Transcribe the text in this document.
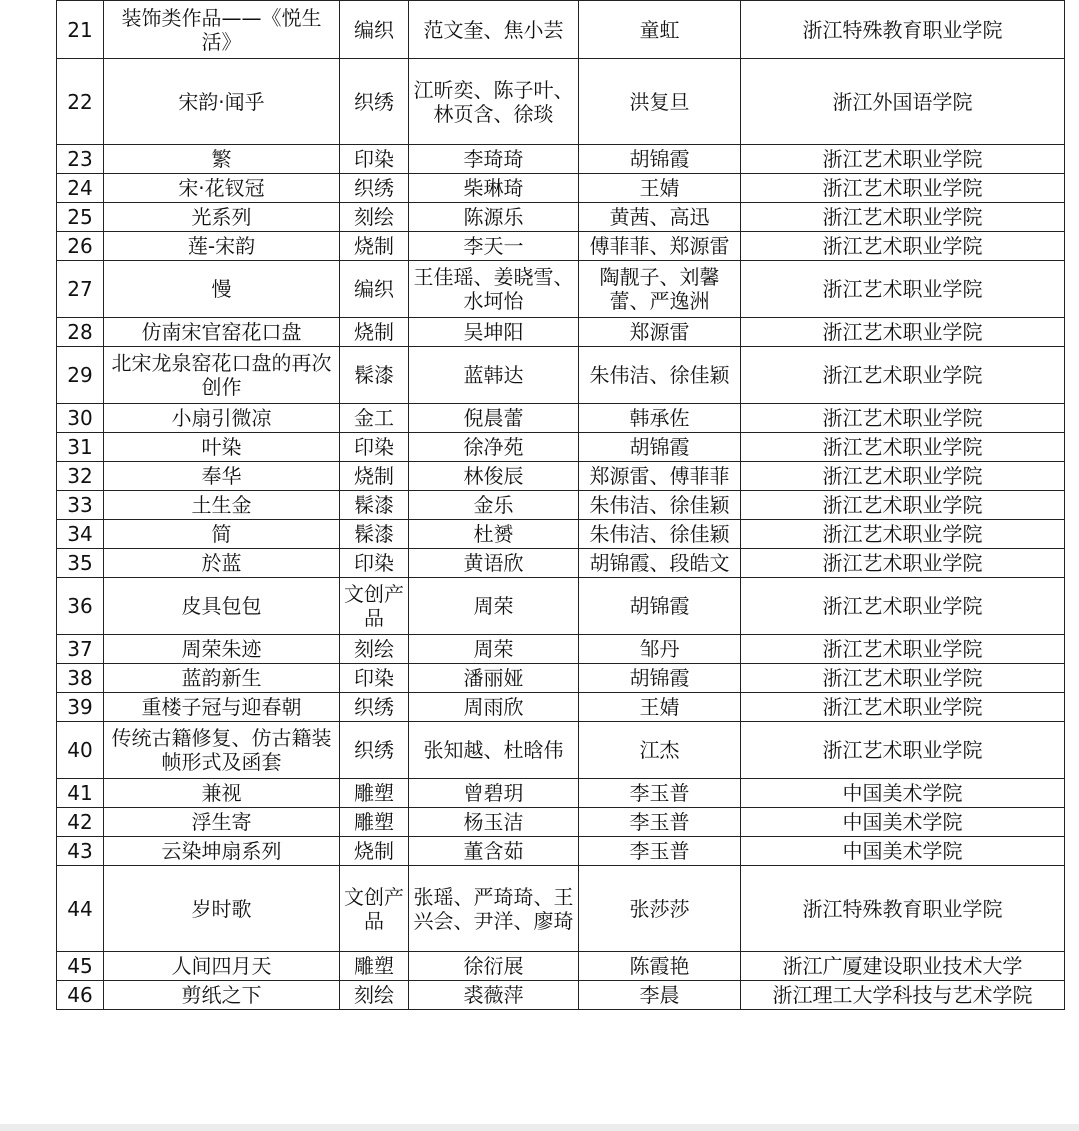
21	装饰类作品——《悦生活》	编织	范文奎、焦小芸	童虹	浙江特殊教育职业学院
22	宋韵·闻乎	织绣	江昕奕、陈子叶、林页含、徐琰	洪复旦	浙江外国语学院
23	繁	印染	李琦琦	胡锦霞	浙江艺术职业学院
24	宋·花钗冠	织绣	柴琳琦	王婧	浙江艺术职业学院
25	光系列	刻绘	陈源乐	黄茜、高迅	浙江艺术职业学院
26	莲-宋韵	烧制	李天一	傅菲菲、郑源雷	浙江艺术职业学院
27	慢	编织	王佳瑶、姜晓雪、水坷怡	陶靓子、刘馨蕾、严逸洲	浙江艺术职业学院
28	仿南宋官窑花口盘	烧制	吴坤阳	郑源雷	浙江艺术职业学院
29	北宋龙泉窑花口盘的再次创作	髹漆	蓝韩达	朱伟洁、徐佳颖	浙江艺术职业学院
30	小扇引微凉	金工	倪晨蕾	韩承佐	浙江艺术职业学院
31	叶染	印染	徐净苑	胡锦霞	浙江艺术职业学院
32	奉华	烧制	林俊辰	郑源雷、傅菲菲	浙江艺术职业学院
33	土生金	髹漆	金乐	朱伟洁、徐佳颖	浙江艺术职业学院
34	简	髹漆	杜赟	朱伟洁、徐佳颖	浙江艺术职业学院
35	於蓝	印染	黄语欣	胡锦霞、段皓文	浙江艺术职业学院
36	皮具包包	文创产品	周荣	胡锦霞	浙江艺术职业学院
37	周荣朱迹	刻绘	周荣	邹丹	浙江艺术职业学院
38	蓝韵新生	印染	潘丽娅	胡锦霞	浙江艺术职业学院
39	重楼子冠与迎春朝	织绣	周雨欣	王婧	浙江艺术职业学院
40	传统古籍修复、仿古籍装帧形式及函套	织绣	张知越、杜晗伟	江杰	浙江艺术职业学院
41	兼视	雕塑	曾碧玥	李玉普	中国美术学院
42	浮生寄	雕塑	杨玉洁	李玉普	中国美术学院
43	云染坤扇系列	烧制	董含茹	李玉普	中国美术学院
44	岁时歌	文创产品	张瑶、严琦琦、王兴会、尹洋、廖琦	张莎莎	浙江特殊教育职业学院
45	人间四月天	雕塑	徐衍展	陈霞艳	浙江广厦建设职业技术大学
46	剪纸之下	刻绘	裘薇萍	李晨	浙江理工大学科技与艺术学院
